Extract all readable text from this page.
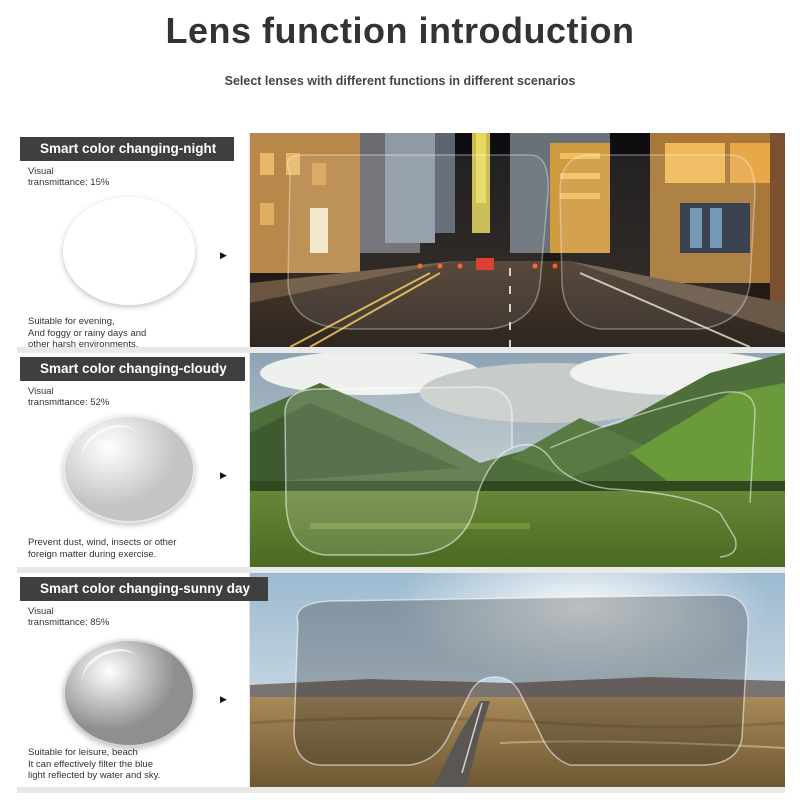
Lens function introduction
Select lenses with different functions in different scenarios
Smart color changing-night
Visual
transmittance: 15%
▶
Suitable for evening,
And foggy or rainy days and
other harsh environments.
Smart color changing-cloudy
Visual
transmittance: 52%
▶
Prevent dust, wind, insects or other
foreign matter during exercise.
Smart color changing-sunny day
Visual
transmittance: 85%
▶
Suitable for leisure, beach
It can effectively filter the blue
light reflected by water and sky.
